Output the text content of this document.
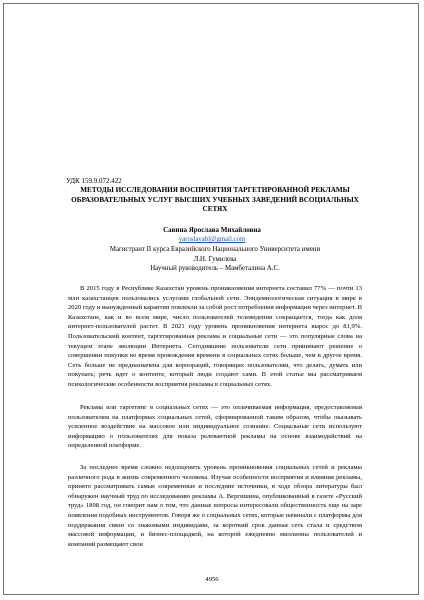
УДК 159.9.072.422
МЕТОДЫ ИССЛЕДОВАНИЯ ВОСПРИЯТИЯ ТАРГЕТИРОВАННОЙ РЕКЛАМЫ ОБРАЗОВАТЕЛЬНЫХ УСЛУГ ВЫСШИХ УЧЕБНЫХ ЗАВЕДЕНИЙ ВСОЦИАЛЬНЫХ СЕТЯХ
Савина Ярослава Михайловна
yaroslavabl@gmail.com
Магистрант II курса Евразийского Национального Университета имени
Л.Н. Гумилева
Научный руководитель – Мамбеталина А.С.
В 2015 году в Республике Казахстан уровень проникновения интернета составил 77% — почти 13 млн казахстанцев пользовались услугами глобальной сети. Эпидемиологическая ситуация в мире в 2020 году и вынужденный карантин повлекли за собой рост потребления информации через интернет. В Казахстане, как и во всем мире, число пользователей телевидения сокращается, тогда как доля интернет-пользователей растет. В 2021 году уровень проникновения интернета вырос до 81,9%. Пользовательский контент, таргетированная реклама и социальные сети — это популярные слова на текущем этапе эволюции Интернета. Сегодняшние пользователи сети принимают решение о совершении покупки во время провождения времени в социальных сетях больше, чем в другое время. Сеть больше не предназначена для корпораций, говорящих пользователям, что делать, думать или покупать; речь идет о контенте, который люди создают сами. В этой статье мы рассматриваем психологические особенности восприятия рекламы в социальных сетях.
Реклама или таргетинг в социальных сетях — это оплачиваемая информация, предоставляемая пользователям на платформах социальных сетей, сформированной таким образом, чтобы оказывать усиленное воздействие на массовое или индивидуальное сознание. Социальные сети используют информацию о пользователях для показа релевантной рекламы на основе взаимодействий на определенной платформе.
За последнее время сложно недооценить уровень проникновения социальных сетей и рекламы различного рода в жизнь современного человека. Изучая особенности восприятия и влияния рекламы, принято рассматривать самые современные и последние источники, в ходе обзора литературы был обнаружен научный труд по исследованию рекламы А. Вергишина, опубликованный в газете «Русский труд» 1898 год, он говорит нам о том, что данные вопросы интересовали общественность еще на заре появления подобных инструментов. Говоря же о социальных сетях, которые начинали с платформы для поддержания связи со знакомыми индивидами, за короткий срок данная сеть стала и средством массовой информации, и бизнес-площадкой, на которой ежедневно миллионы пользователей и компаний размещают свои
4956
